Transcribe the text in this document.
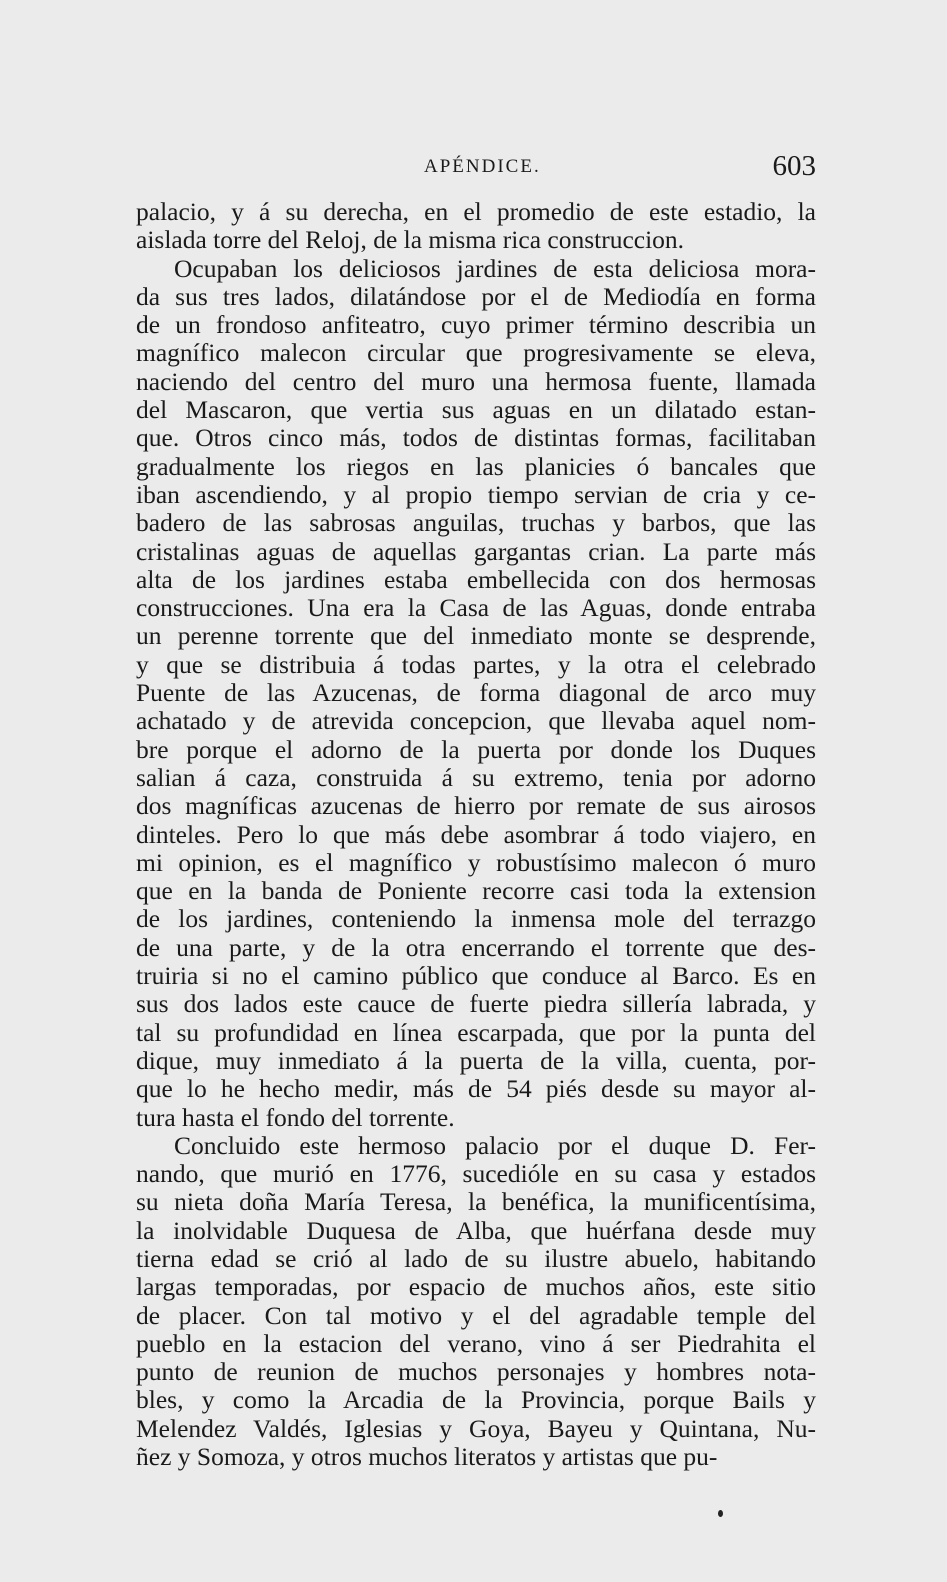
APÉNDICE.	603
palacio, y á su derecha, en el promedio de este estadio, la
aislada torre del Reloj, de la misma rica construccion.
Ocupaban los deliciosos jardines de esta deliciosa mora-
da sus tres lados, dilatándose por el de Mediodía en forma
de un frondoso anfiteatro, cuyo primer término describia un
magnífico malecon circular que progresivamente se eleva,
naciendo del centro del muro una hermosa fuente, llamada
del Mascaron, que vertia sus aguas en un dilatado estan-
que. Otros cinco más, todos de distintas formas, facilitaban
gradualmente los riegos en las planicies ó bancales que
iban ascendiendo, y al propio tiempo servian de cria y ce-
badero de las sabrosas anguilas, truchas y barbos, que las
cristalinas aguas de aquellas gargantas crian. La parte más
alta de los jardines estaba embellecida con dos hermosas
construcciones. Una era la Casa de las Aguas, donde entraba
un perenne torrente que del inmediato monte se desprende,
y que se distribuia á todas partes, y la otra el celebrado
Puente de las Azucenas, de forma diagonal de arco muy
achatado y de atrevida concepcion, que llevaba aquel nom-
bre porque el adorno de la puerta por donde los Duques
salian á caza, construida á su extremo, tenia por adorno
dos magníficas azucenas de hierro por remate de sus airosos
dinteles. Pero lo que más debe asombrar á todo viajero, en
mi opinion, es el magnífico y robustísimo malecon ó muro
que en la banda de Poniente recorre casi toda la extension
de los jardines, conteniendo la inmensa mole del terrazgo
de una parte, y de la otra encerrando el torrente que des-
truiria si no el camino público que conduce al Barco. Es en
sus dos lados este cauce de fuerte piedra sillería labrada, y
tal su profundidad en línea escarpada, que por la punta del
dique, muy inmediato á la puerta de la villa, cuenta, por-
que lo he hecho medir, más de 54 piés desde su mayor al-
tura hasta el fondo del torrente.
Concluido este hermoso palacio por el duque D. Fer-
nando, que murió en 1776, sucedióle en su casa y estados
su nieta doña María Teresa, la benéfica, la munificentísima,
la inolvidable Duquesa de Alba, que huérfana desde muy
tierna edad se crió al lado de su ilustre abuelo, habitando
largas temporadas, por espacio de muchos años, este sitio
de placer. Con tal motivo y el del agradable temple del
pueblo en la estacion del verano, vino á ser Piedrahita el
punto de reunion de muchos personajes y hombres nota-
bles, y como la Arcadia de la Provincia, porque Bails y
Melendez Valdés, Iglesias y Goya, Bayeu y Quintana, Nu-
ñez y Somoza, y otros muchos literatos y artistas que pu-
